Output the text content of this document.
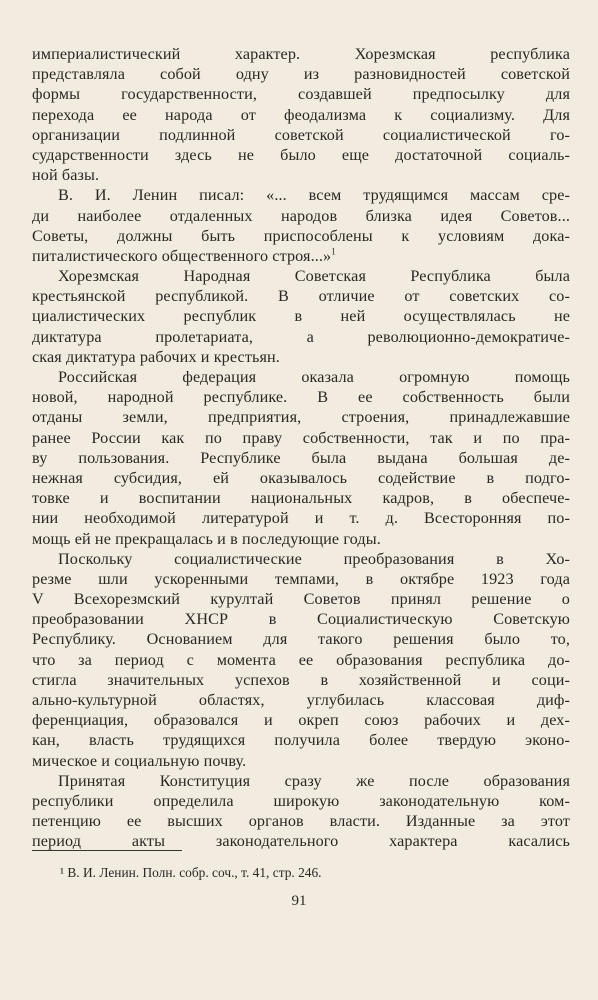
империалистический характер. Хорезмская республика
представляла собой одну из разновидностей советской
формы государственности, создавшей предпосылку для
перехода ее народа от феодализма к социализму. Для
организации подлинной советской социалистической го-
сударственности здесь не было еще достаточной социаль-
ной базы.
В. И. Ленин писал: «... всем трудящимся массам сре-
ди наиболее отдаленных народов близка идея Советов...
Советы, должны быть приспособлены к условиям дока-
питалистического общественного строя...»$^1$
Хорезмская Народная Советская Республика была
крестьянской республикой. В отличие от советских со-
циалистических республик в ней осуществлялась не
диктатура пролетариата, а революционно-демократиче-
ская диктатура рабочих и крестьян.
Российская федерация оказала огромную помощь
новой, народной республике. В ее собственность были
отданы земли, предприятия, строения, принадлежавшие
ранее России как по праву собственности, так и по пра-
ву пользования. Республике была выдана большая де-
нежная субсидия, ей оказывалось содействие в подго-
товке и воспитании национальных кадров, в обеспече-
нии необходимой литературой и т. д. Всесторонняя по-
мощь ей не прекращалась и в последующие годы.
Поскольку социалистические преобразования в Хо-
резме шли ускоренными темпами, в октябре 1923 года
V Всехорезмский курултай Советов принял решение о
преобразовании ХНСР в Социалистическую Советскую
Республику. Основанием для такого решения было то,
что за период с момента ее образования республика до-
стигла значительных успехов в хозяйственной и соци-
ально-культурной областях, углубилась классовая диф-
ференциация, образовался и окреп союз рабочих и дех-
кан, власть трудящихся получила более твердую эконо-
мическое и социальную почву.
Принятая Конституция сразу же после образования
республики определила широкую законодательную ком-
петенцию ее высших органов власти. Изданные за этот
период акты законодательного характера касались
¹ В. И. Ленин. Полн. собр. соч., т. 41, стр. 246.
91
